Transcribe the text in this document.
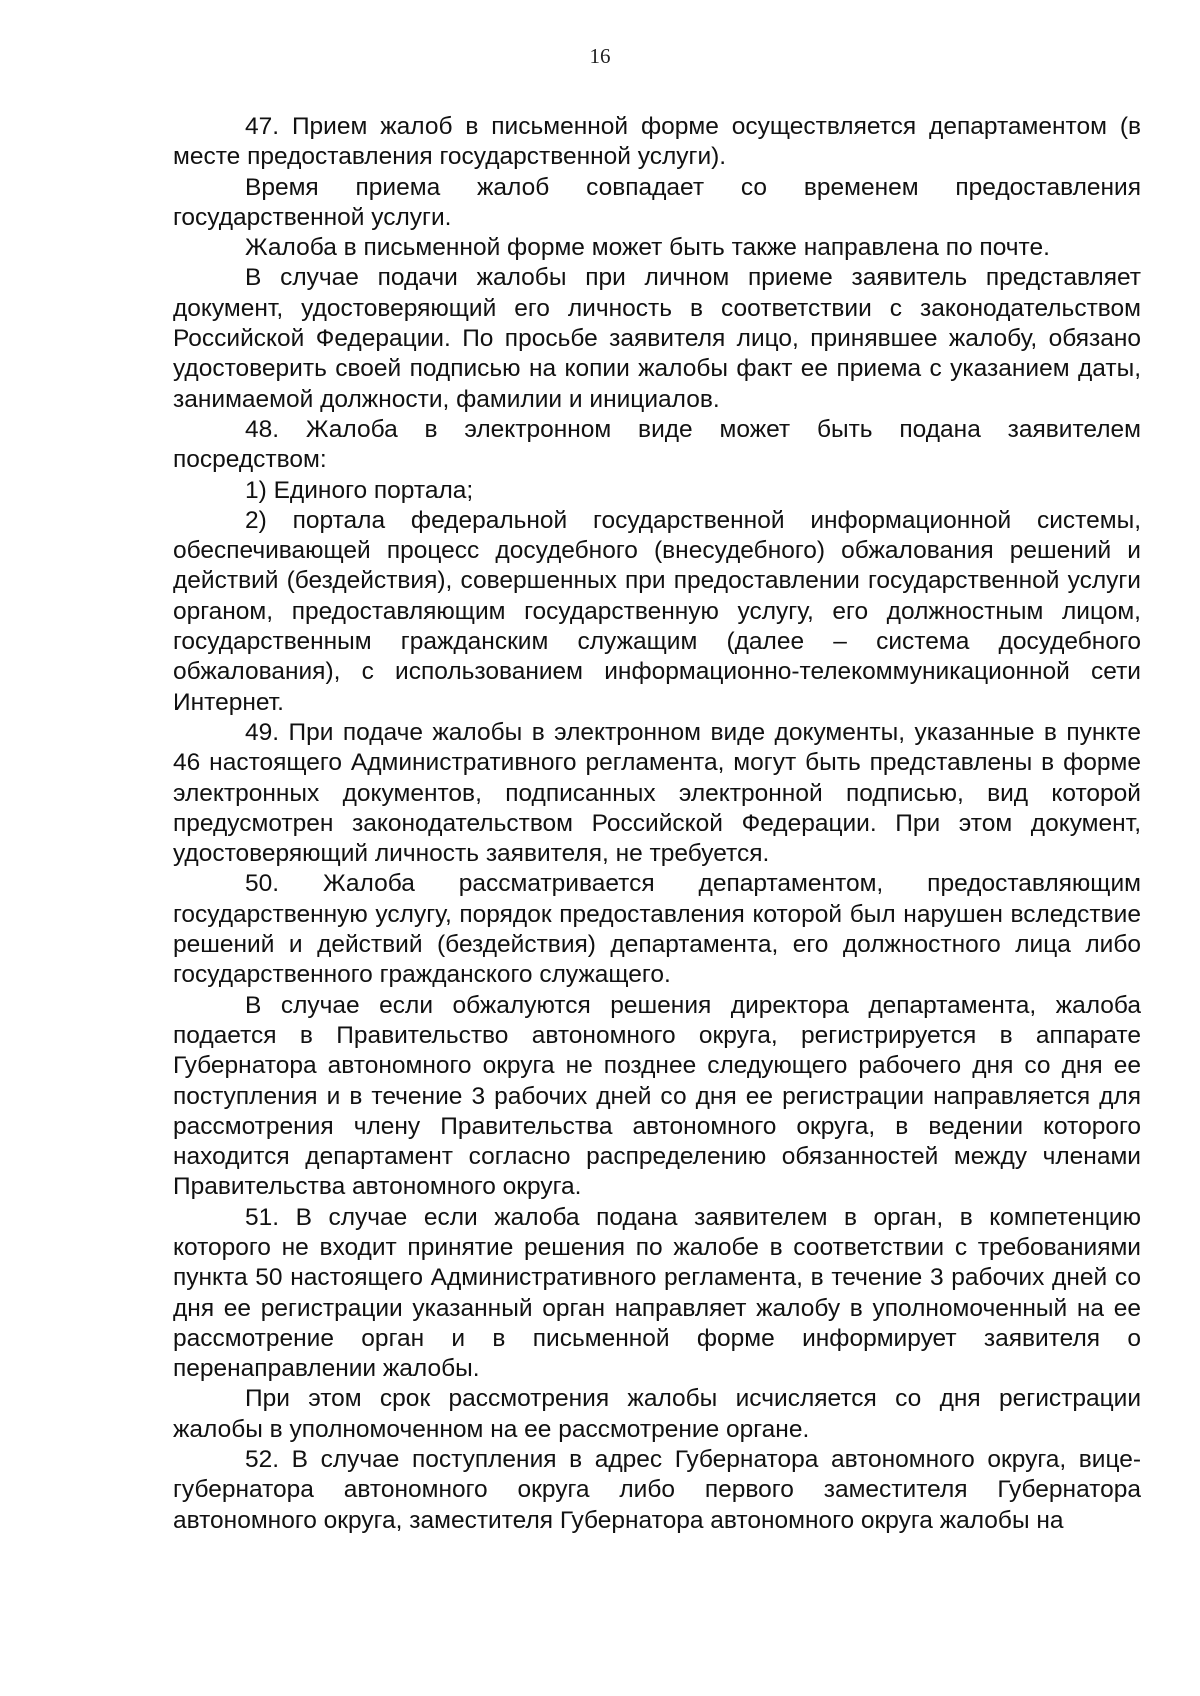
16

47. Прием жалоб в письменной форме осуществляется департаментом (в месте предоставления государственной услуги).

Время приема жалоб совпадает со временем предоставления государственной услуги.

Жалоба в письменной форме может быть также направлена по почте.

В случае подачи жалобы при личном приеме заявитель представляет документ, удостоверяющий его личность в соответствии с законодательством Российской Федерации. По просьбе заявителя лицо, принявшее жалобу, обязано удостоверить своей подписью на копии жалобы факт ее приема с указанием даты, занимаемой должности, фамилии и инициалов.

48. Жалоба в электронном виде может быть подана заявителем посредством:

1) Единого портала;

2) портала федеральной государственной информационной системы, обеспечивающей процесс досудебного (внесудебного) обжалования решений и действий (бездействия), совершенных при предоставлении государственной услуги органом, предоставляющим государственную услугу, его должностным лицом, государственным гражданским служащим (далее – система досудебного обжалования), с использованием информационно-телекоммуникационной сети Интернет.

49. При подаче жалобы в электронном виде документы, указанные в пункте 46 настоящего Административного регламента, могут быть представлены в форме электронных документов, подписанных электронной подписью, вид которой предусмотрен законодательством Российской Федерации. При этом документ, удостоверяющий личность заявителя, не требуется.

50. Жалоба рассматривается департаментом, предоставляющим государственную услугу, порядок предоставления которой был нарушен вследствие решений и действий (бездействия) департамента, его должностного лица либо государственного гражданского служащего.

В случае если обжалуются решения директора департамента, жалоба подается в Правительство автономного округа, регистрируется в аппарате Губернатора автономного округа не позднее следующего рабочего дня со дня ее поступления и в течение 3 рабочих дней со дня ее регистрации направляется для рассмотрения члену Правительства автономного округа, в ведении которого находится департамент согласно распределению обязанностей между членами Правительства автономного округа.

51. В случае если жалоба подана заявителем в орган, в компетенцию которого не входит принятие решения по жалобе в соответствии с требованиями пункта 50 настоящего Административного регламента, в течение 3 рабочих дней со дня ее регистрации указанный орган направляет жалобу в уполномоченный на ее рассмотрение орган и в письменной форме информирует заявителя о перенаправлении жалобы.

При этом срок рассмотрения жалобы исчисляется со дня регистрации жалобы в уполномоченном на ее рассмотрение органе.

52. В случае поступления в адрес Губернатора автономного округа, вице-губернатора автономного округа либо первого заместителя Губернатора автономного округа, заместителя Губернатора автономного округа жалобы на
